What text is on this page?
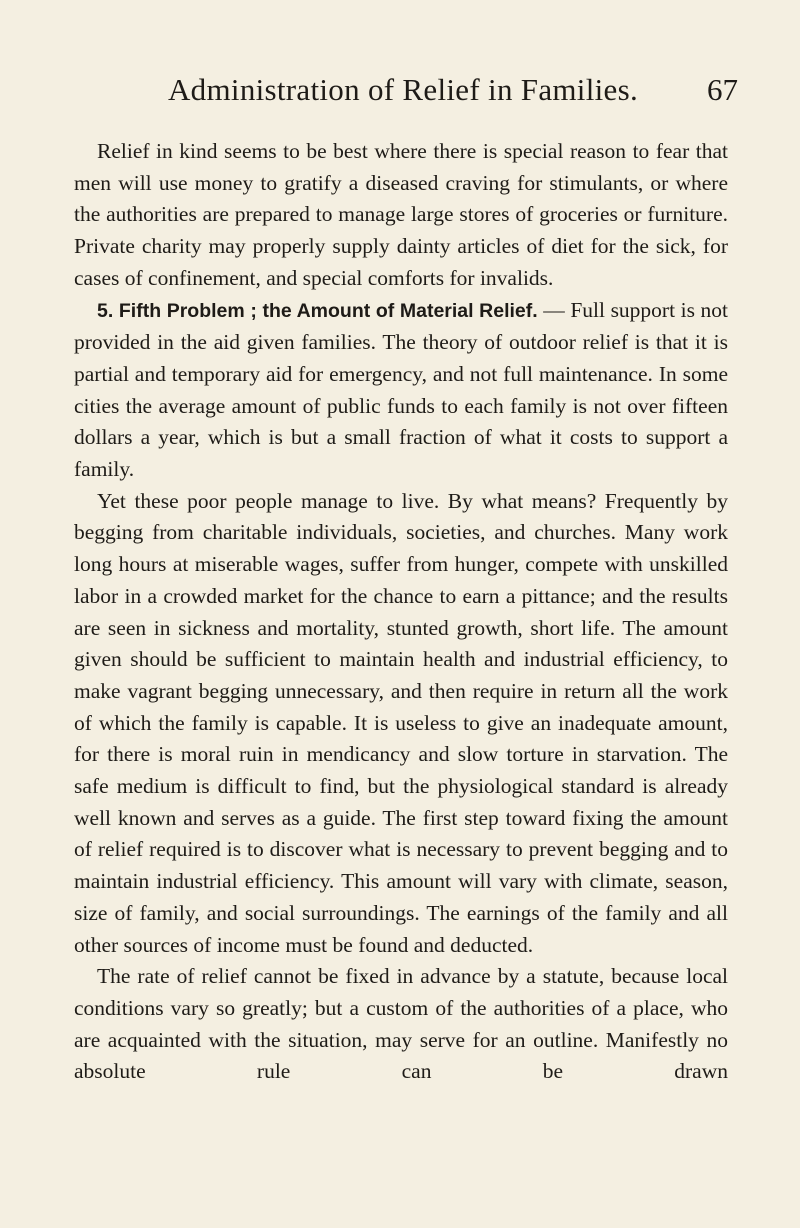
Administration of Relief in Families. 67

Relief in kind seems to be best where there is special reason to fear that men will use money to gratify a diseased craving for stimulants, or where the authorities are prepared to manage large stores of groceries or furniture. Private charity may properly supply dainty articles of diet for the sick, for cases of confinement, and special comforts for invalids.

5. Fifth Problem ; the Amount of Material Relief. — Full support is not provided in the aid given families. The theory of outdoor relief is that it is partial and temporary aid for emergency, and not full maintenance. In some cities the average amount of public funds to each family is not over fifteen dollars a year, which is but a small fraction of what it costs to support a family.

Yet these poor people manage to live. By what means? Frequently by begging from charitable individuals, societies, and churches. Many work long hours at miserable wages, suffer from hunger, compete with unskilled labor in a crowded market for the chance to earn a pittance; and the results are seen in sickness and mortality, stunted growth, short life. The amount given should be sufficient to maintain health and industrial efficiency, to make vagrant begging unnecessary, and then require in return all the work of which the family is capable. It is useless to give an inadequate amount, for there is moral ruin in mendicancy and slow torture in starvation. The safe medium is difficult to find, but the physiological standard is already well known and serves as a guide. The first step toward fixing the amount of relief required is to discover what is necessary to prevent begging and to maintain industrial efficiency. This amount will vary with climate, season, size of family, and social surroundings. The earnings of the family and all other sources of income must be found and deducted.

The rate of relief cannot be fixed in advance by a statute, because local conditions vary so greatly; but a custom of the authorities of a place, who are acquainted with the situation, may serve for an outline. Manifestly no absolute rule can be drawn
